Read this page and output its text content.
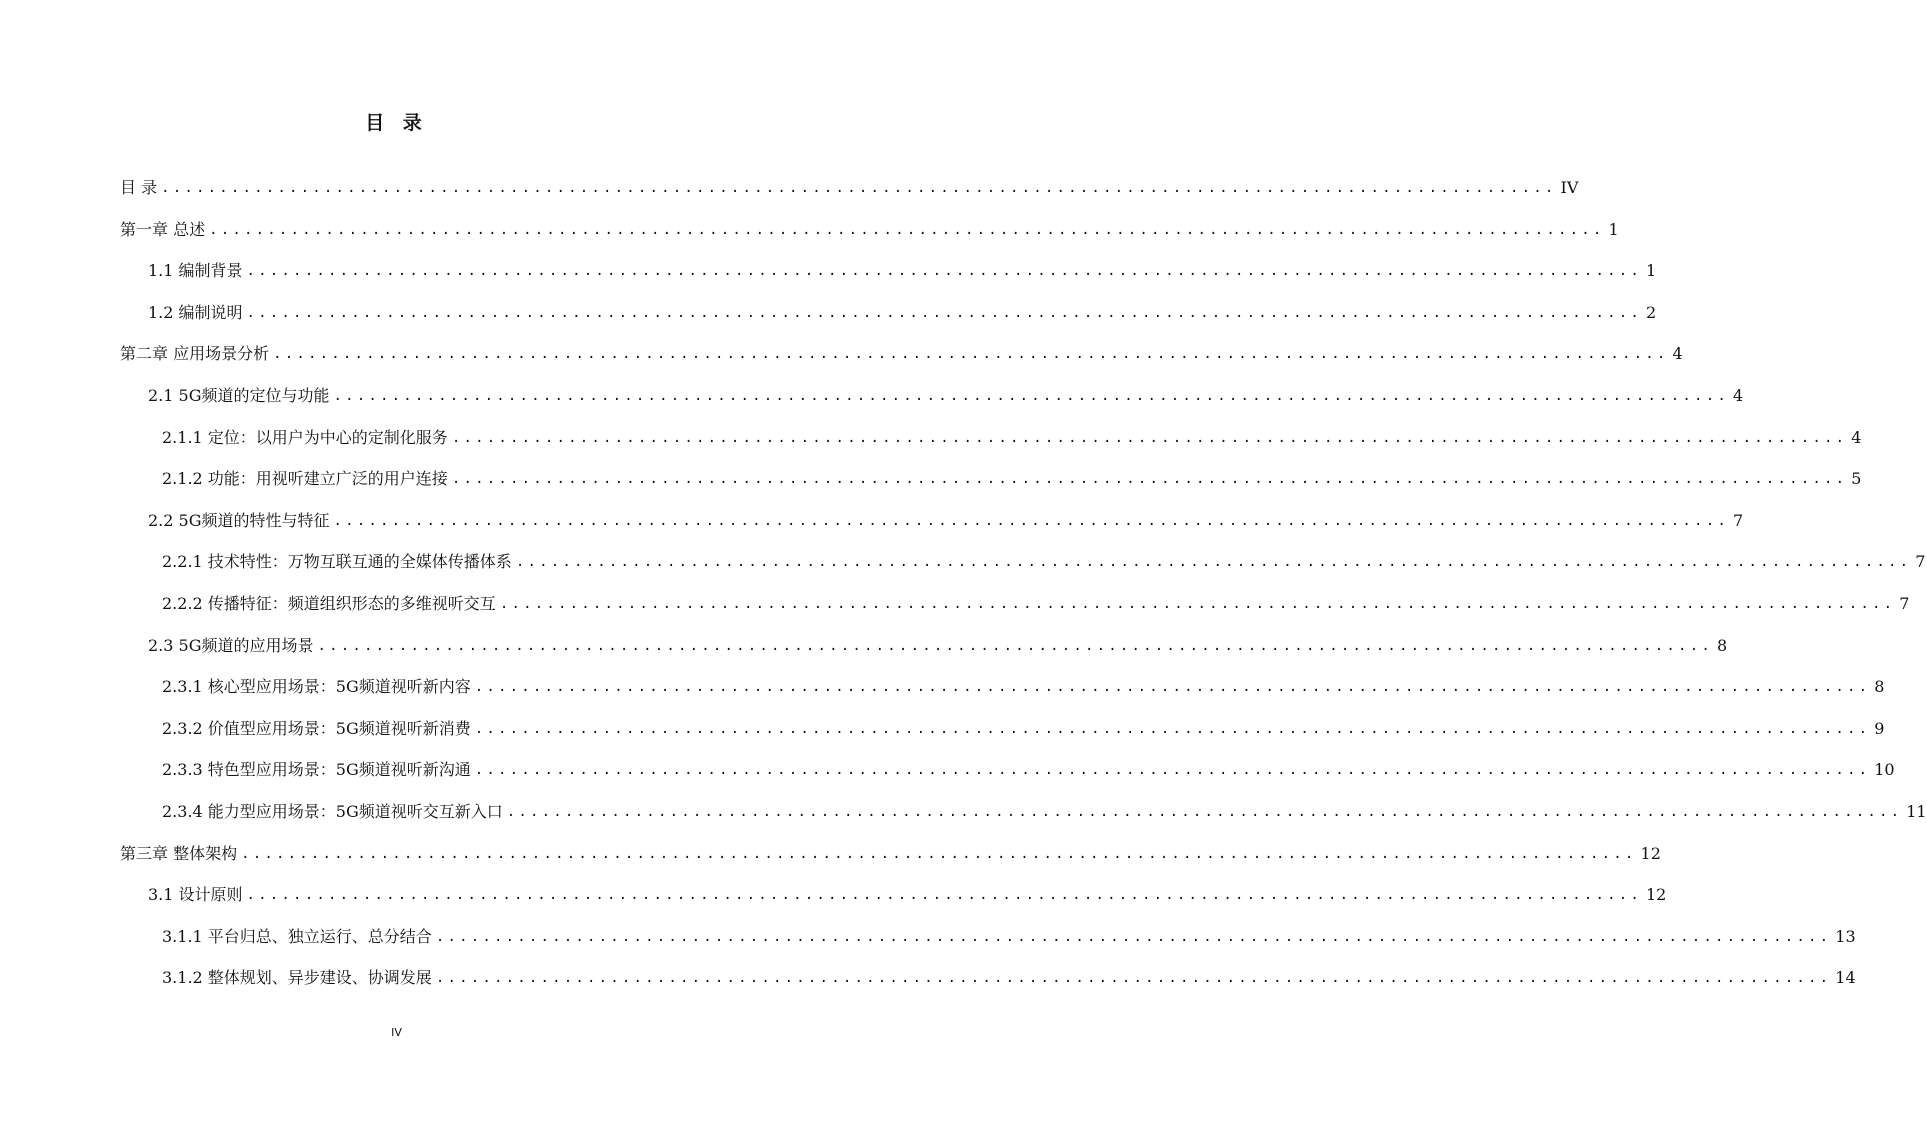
目 录
目 录 ........................................................................................................................ IV
第一章 总述 ........................................................................................................................ 1
1.1 编制背景 ........................................................................................................................ 1
1.2 编制说明 ........................................................................................................................ 2
第二章 应用场景分析 ........................................................................................................................ 4
2.1 5G频道的定位与功能 ........................................................................................................................ 4
2.1.1 定位：以用户为中心的定制化服务 ........................................................................................................................ 4
2.1.2 功能：用视听建立广泛的用户连接 ........................................................................................................................ 5
2.2 5G频道的特性与特征 ........................................................................................................................ 7
2.2.1 技术特性：万物互联互通的全媒体传播体系 ........................................................................................................................ 7
2.2.2 传播特征：频道组织形态的多维视听交互 ........................................................................................................................ 7
2.3 5G频道的应用场景 ........................................................................................................................ 8
2.3.1 核心型应用场景：5G频道视听新内容 ........................................................................................................................ 8
2.3.2 价值型应用场景：5G频道视听新消费 ........................................................................................................................ 9
2.3.3 特色型应用场景：5G频道视听新沟通 ........................................................................................................................ 10
2.3.4 能力型应用场景：5G频道视听交互新入口 ........................................................................................................................ 11
第三章 整体架构 ........................................................................................................................ 12
3.1 设计原则 ........................................................................................................................ 12
3.1.1 平台归总、独立运行、总分结合 ........................................................................................................................ 13
3.1.2 整体规划、异步建设、协调发展 ........................................................................................................................ 14
IV
